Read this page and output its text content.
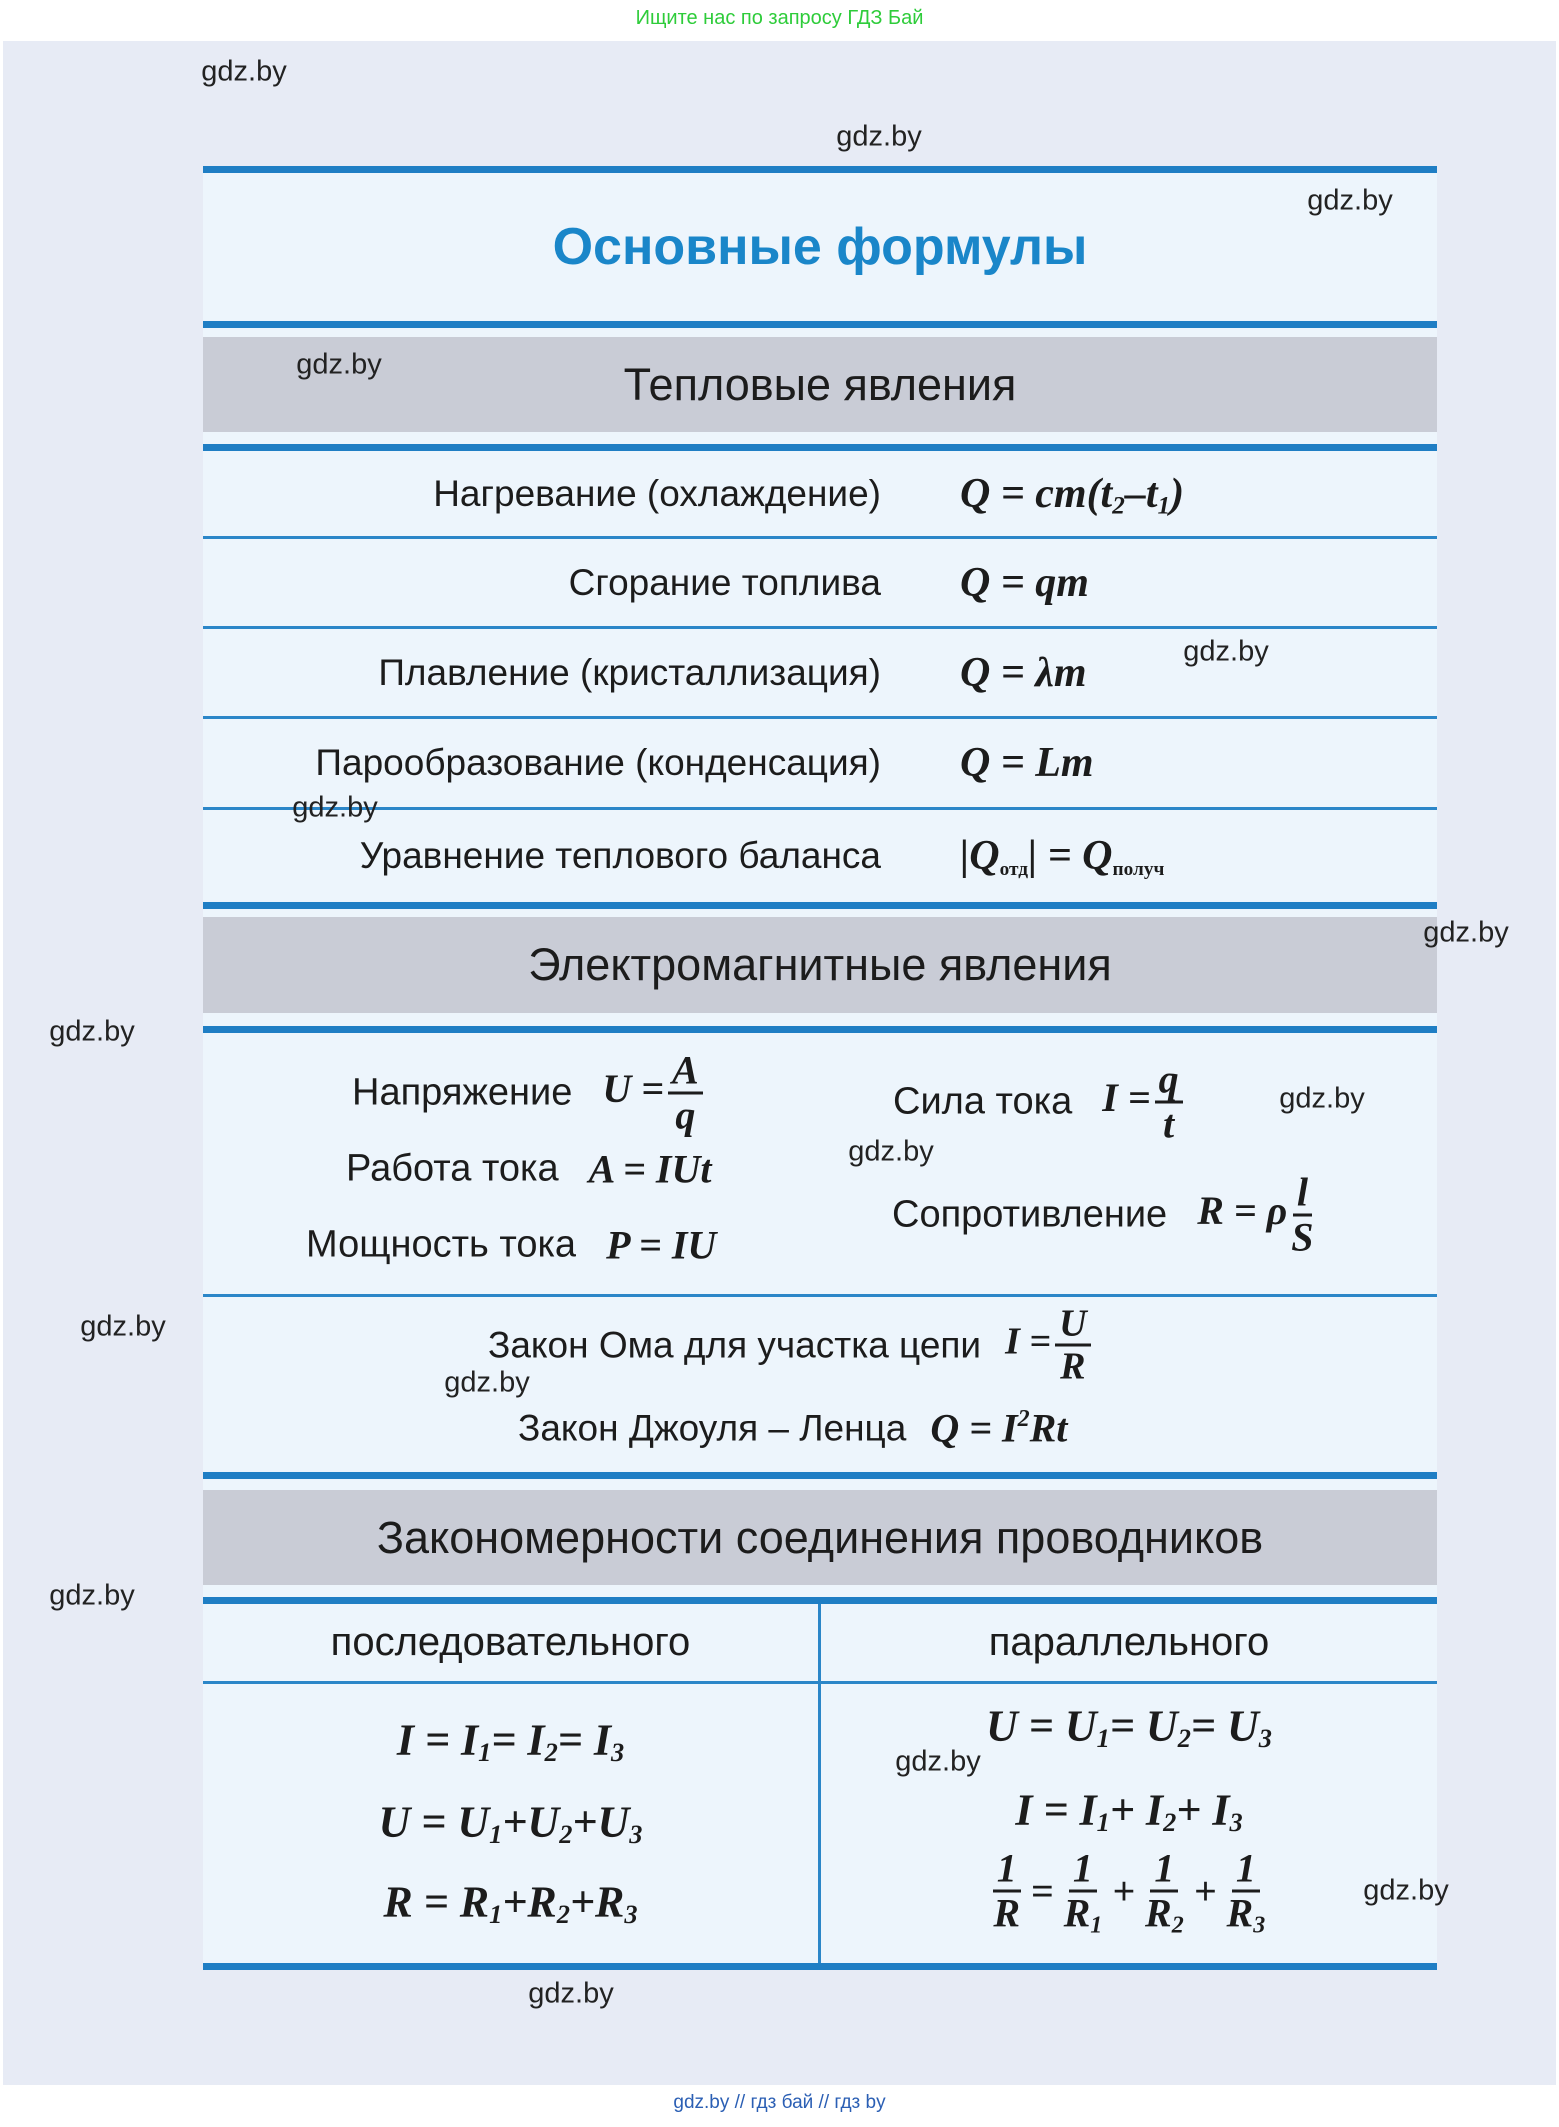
Ищите нас по запросу ГДЗ Бай
Основные формулы
Тепловые явления
Нагревание (охлаждение) $Q = cm(t_2-t_1)$
Сгорание топлива Q = qm
Плавление (кристаллизация) Q = λm
Парообразование (конденсация) Q = Lm
Уравнение теплового баланса $|Q_{отд}| = Q_{получ}$
Электромагнитные явления
Напряжение $U = \frac{A}{q}$
Работа тока A = IUt
Мощность тока P = IU
Сила тока $I = \frac{q}{t}$
Сопротивление R = ρ $\frac{l}{S}$
Закон Ома для участка цепи $I = \frac{U}{R}$
Закон Джоуля – Ленца $Q = I^2Rt$
Закономерности соединения проводников
последовательного	параллельного
$I = I_1= I_2= I_3$
$U = U_1+U_2+U_3$
$R = R_1+R_2+R_3$
$U = U_1= U_2= U_3$
$I = I_1+ I_2+ I_3$
$\frac{1}{R} = \frac{1}{R_1} + \frac{1}{R_2} + \frac{1}{R_3}$
gdz.by
gdz.by
gdz.by
gdz.by
gdz.by
gdz.by
gdz.by
gdz.by
gdz.by
gdz.by
gdz.by
gdz.by
gdz.by
gdz.by
gdz.by
gdz.by
gdz.by // гдз бай // гдз by
